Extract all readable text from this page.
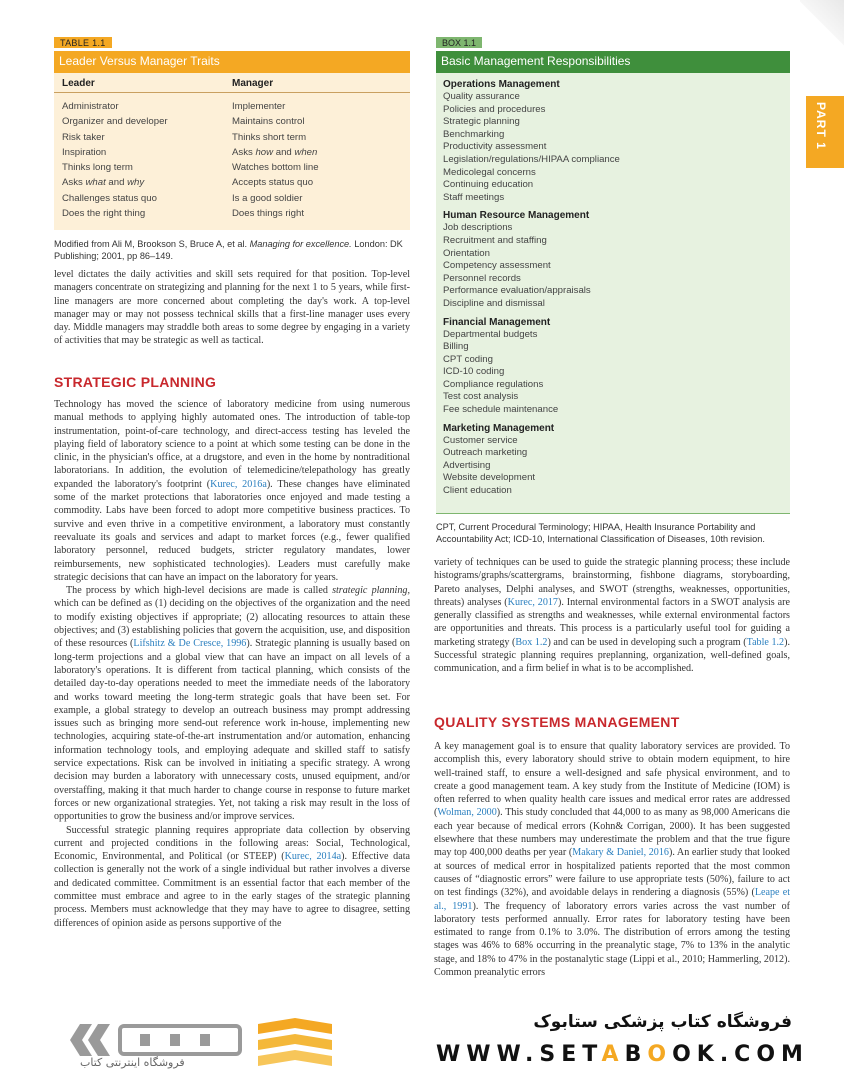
TABLE 1.1
Leader Versus Manager Traits
Leader	Manager
Administrator	Implementer
Organizer and developer	Maintains control
Risk taker	Thinks short term
Inspiration	Asks how and when
Thinks long term	Watches bottom line
Asks what and why	Accepts status quo
Challenges status quo	Is a good soldier
Does the right thing	Does things right
Modified from Ali M, Brookson S, Bruce A, et al. Managing for excellence. London: DK Publishing; 2001, pp 86–149.
BOX 1.1
Basic Management Responsibilities
Operations Management
Quality assurance
Policies and procedures
Strategic planning
Benchmarking
Productivity assessment
Legislation/regulations/HIPAA compliance
Medicolegal concerns
Continuing education
Staff meetings
Human Resource Management
Job descriptions
Recruitment and staffing
Orientation
Competency assessment
Personnel records
Performance evaluation/appraisals
Discipline and dismissal
Financial Management
Departmental budgets
Billing
CPT coding
ICD-10 coding
Compliance regulations
Test cost analysis
Fee schedule maintenance
Marketing Management
Customer service
Outreach marketing
Advertising
Website development
Client education
CPT, Current Procedural Terminology; HIPAA, Health Insurance Portability and Accountability Act; ICD-10, International Classification of Diseases, 10th revision.
PART 1

level dictates the daily activities and skill sets required for that position. Top-level managers concentrate on strategizing and planning for the next 1 to 5 years, while first-line managers are more concerned about completing the day's work. A top-level manager may or may not possess technical skills that a first-line manager uses every day. Middle managers may straddle both areas to some degree by engaging in a variety of activities that may be strategic as well as tactical.

STRATEGIC PLANNING

Technology has moved the science of laboratory medicine from using numerous manual methods to applying highly automated ones. The introduction of table-top instrumentation, point-of-care technology, and direct-access testing has leveled the playing field of laboratory science to a point at which some testing can be done in the clinic, in the physician's office, at a drugstore, and even in the home by nontraditional laboratorians. In addition, the evolution of telemedicine/telepathology has greatly expanded the laboratory's footprint (Kurec, 2016a). These changes have eliminated some of the market protections that laboratories once enjoyed and made testing a commodity. Labs have been forced to adopt more competitive business practices. To survive and even thrive in a competitive environment, a laboratory must constantly reevaluate its goals and services and adapt to market forces (e.g., fewer qualified laboratory personnel, reduced budgets, stricter regulatory mandates, lower reimbursements, new sophisticated technologies). Leaders must carefully make strategic decisions that can have an impact on the laboratory for years.

The process by which high-level decisions are made is called strategic planning, which can be defined as (1) deciding on the objectives of the organization and the need to modify existing objectives if appropriate; (2) allocating resources to attain these objectives; and (3) establishing policies that govern the acquisition, use, and disposition of these resources (Lifshitz & De Cresce, 1996). Strategic planning is usually based on long-term projections and a global view that can have an impact on all levels of a laboratory's operations. It is different from tactical planning, which consists of the detailed day-to-day operations needed to meet the immediate needs of the laboratory and works toward meeting the long-term strategic goals that have been set. For example, a global strategy to develop an outreach business may prompt addressing issues such as bringing more send-out reference work in-house, implementing new technologies, acquiring state-of-the-art instrumentation and/or automation, enhancing information technology tools, and employing adequate and skilled staff to satisfy service expectations. Risk can be involved in initiating a specific strategy. A wrong decision may burden a laboratory with unnecessary costs, unused equipment, and/or overstaffing, making it that much harder to change course in response to future market forces or new organizational strategies. Yet, not taking a risk may result in the loss of opportunities to grow the business and/or improve services.

Successful strategic planning requires appropriate data collection by observing current and projected conditions in the following areas: Social, Technological, Economic, Environmental, and Political (or STEEP) (Kurec, 2014a). Effective data collection is generally not the work of a single individual but rather involves a diverse and dedicated committee. Commitment is an essential factor that each member of the committee must embrace and agree to in the early stages of the strategic planning process. Members must acknowledge that they may have to agree to disagree, setting differences of opinion aside as persons supportive of the

variety of techniques can be used to guide the strategic planning process; these include histograms/graphs/scattergrams, brainstorming, fishbone diagrams, storyboarding, Pareto analyses, Delphi analyses, and SWOT (strengths, weaknesses, opportunities, threats) analyses (Kurec, 2017). Internal environmental factors in a SWOT analysis are generally classified as strengths and weaknesses, while external environmental factors are opportunities and threats. This process is a particularly useful tool for guiding a marketing strategy (Box 1.2) and can be used in developing such a program (Table 1.2). Successful strategic planning requires preplanning, organization, well-defined goals, communication, and a firm belief in what is to be accomplished.

QUALITY SYSTEMS MANAGEMENT

A key management goal is to ensure that quality laboratory services are provided. To accomplish this, every laboratory should strive to obtain modern equipment, to hire well-trained staff, to ensure a well-designed and safe physical environment, and to create a good management team. A key study from the Institute of Medicine (IOM) is often referred to when quality health care issues and medical error rates are addressed (Wolman, 2000). This study concluded that 44,000 to as many as 98,000 Americans die each year because of medical errors (Kohn& Corrigan, 2000). It has been suggested elsewhere that these numbers may underestimate the problem and that the true figure may top 400,000 deaths per year (Makary & Daniel, 2016). An earlier study that looked at sources of medical error in hospitalized patients reported that the most common causes of “diagnostic errors” were failure to use appropriate tests (50%), failure to act on test findings (32%), and avoidable delays in rendering a diagnosis (55%) (Leape et al., 1991). The frequency of laboratory errors varies across the vast number of laboratory tests performed annually. Error rates for laboratory testing have been estimated to range from 0.1% to 3.0%. The distribution of errors among the testing stages was 46% to 68% occurring in the preanalytic stage, 7% to 13% in the analytic stage, and 18% to 47% in the postanalytic stage (Lippi et al., 2010; Hammerling, 2012). Common preanalytic errors

فروشگاه اینترنتی کتاب
فروشگاه کتاب پزشکی ستابوک
WWW.SETABOOK.COM
